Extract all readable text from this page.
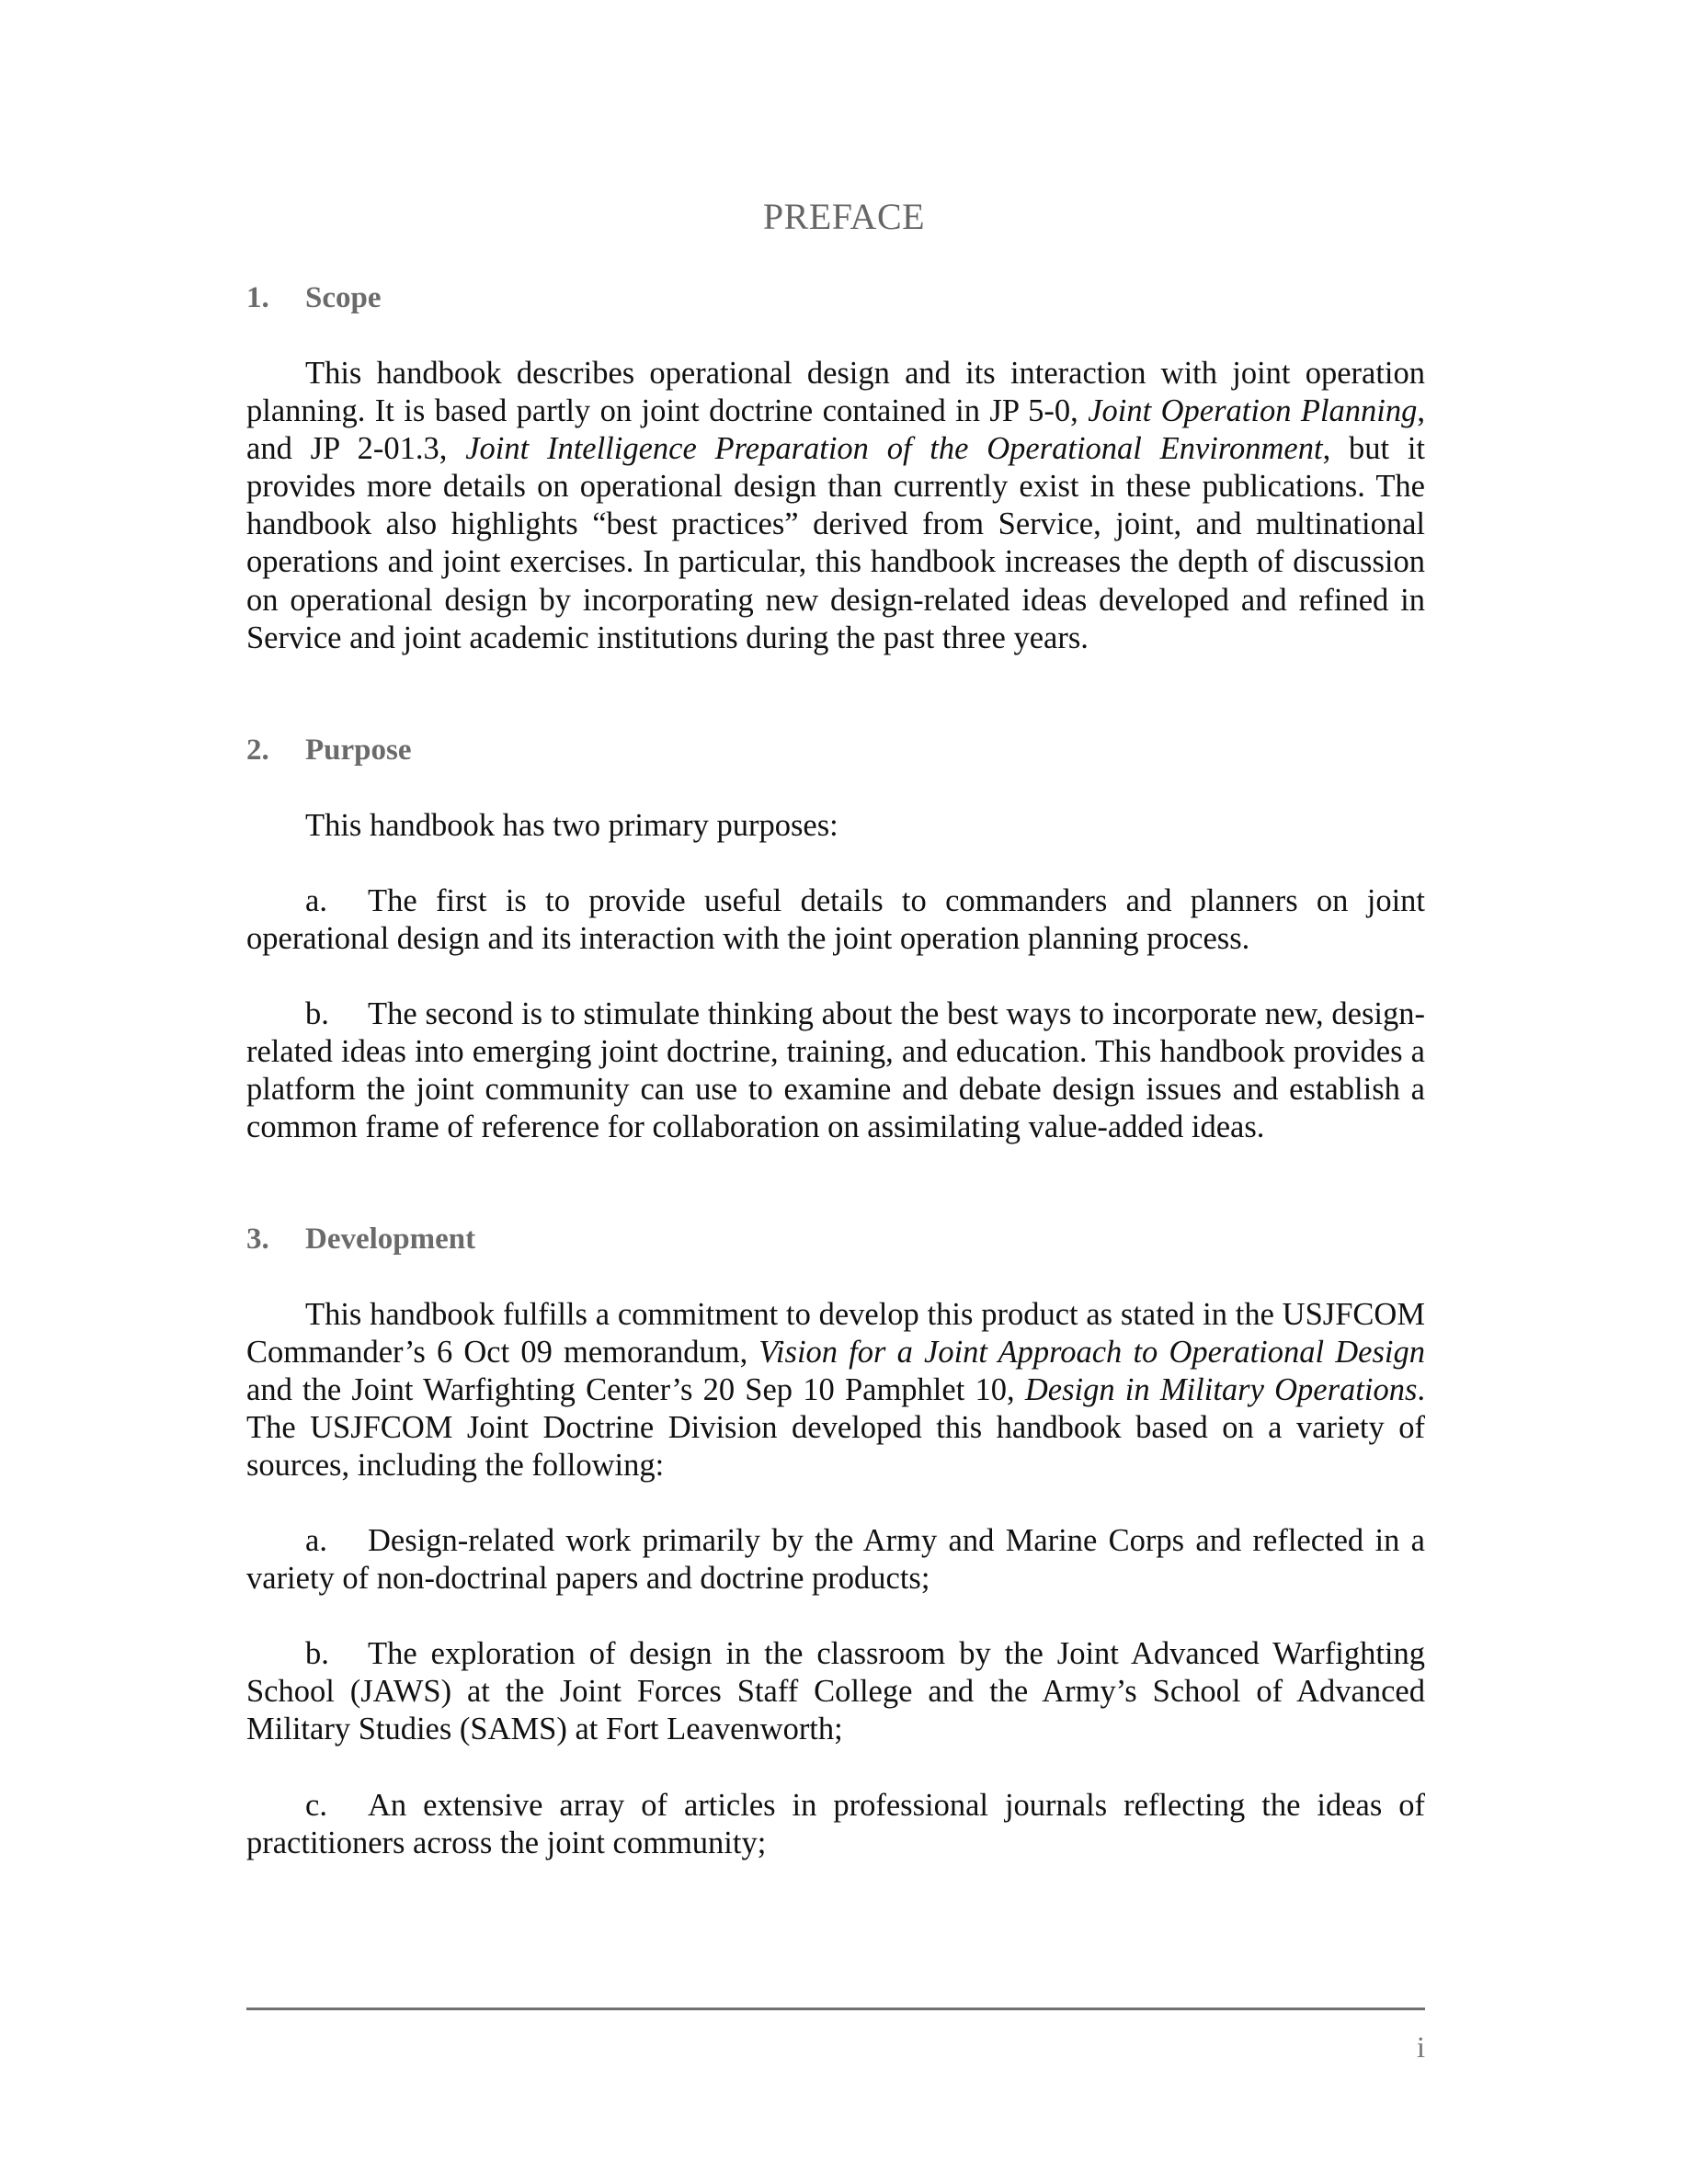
PREFACE
1. Scope

This handbook describes operational design and its interaction with joint operation planning. It is based partly on joint doctrine contained in JP 5-0, Joint Operation Planning, and JP 2-01.3, Joint Intelligence Preparation of the Operational Environment, but it provides more details on operational design than currently exist in these publications. The handbook also highlights “best practices” derived from Service, joint, and multinational operations and joint exercises. In particular, this handbook increases the depth of discussion on operational design by incorporating new design-related ideas developed and refined in Service and joint academic institutions during the past three years.

2. Purpose

This handbook has two primary purposes:

a. The first is to provide useful details to commanders and planners on joint operational design and its interaction with the joint operation planning process.

b. The second is to stimulate thinking about the best ways to incorporate new, design-related ideas into emerging joint doctrine, training, and education. This handbook provides a platform the joint community can use to examine and debate design issues and establish a common frame of reference for collaboration on assimilating value-added ideas.

3. Development

This handbook fulfills a commitment to develop this product as stated in the USJFCOM Commander’s 6 Oct 09 memorandum, Vision for a Joint Approach to Operational Design and the Joint Warfighting Center’s 20 Sep 10 Pamphlet 10, Design in Military Operations. The USJFCOM Joint Doctrine Division developed this handbook based on a variety of sources, including the following:

a. Design-related work primarily by the Army and Marine Corps and reflected in a variety of non-doctrinal papers and doctrine products;

b. The exploration of design in the classroom by the Joint Advanced Warfighting School (JAWS) at the Joint Forces Staff College and the Army’s School of Advanced Military Studies (SAMS) at Fort Leavenworth;

c. An extensive array of articles in professional journals reflecting the ideas of practitioners across the joint community;

i
